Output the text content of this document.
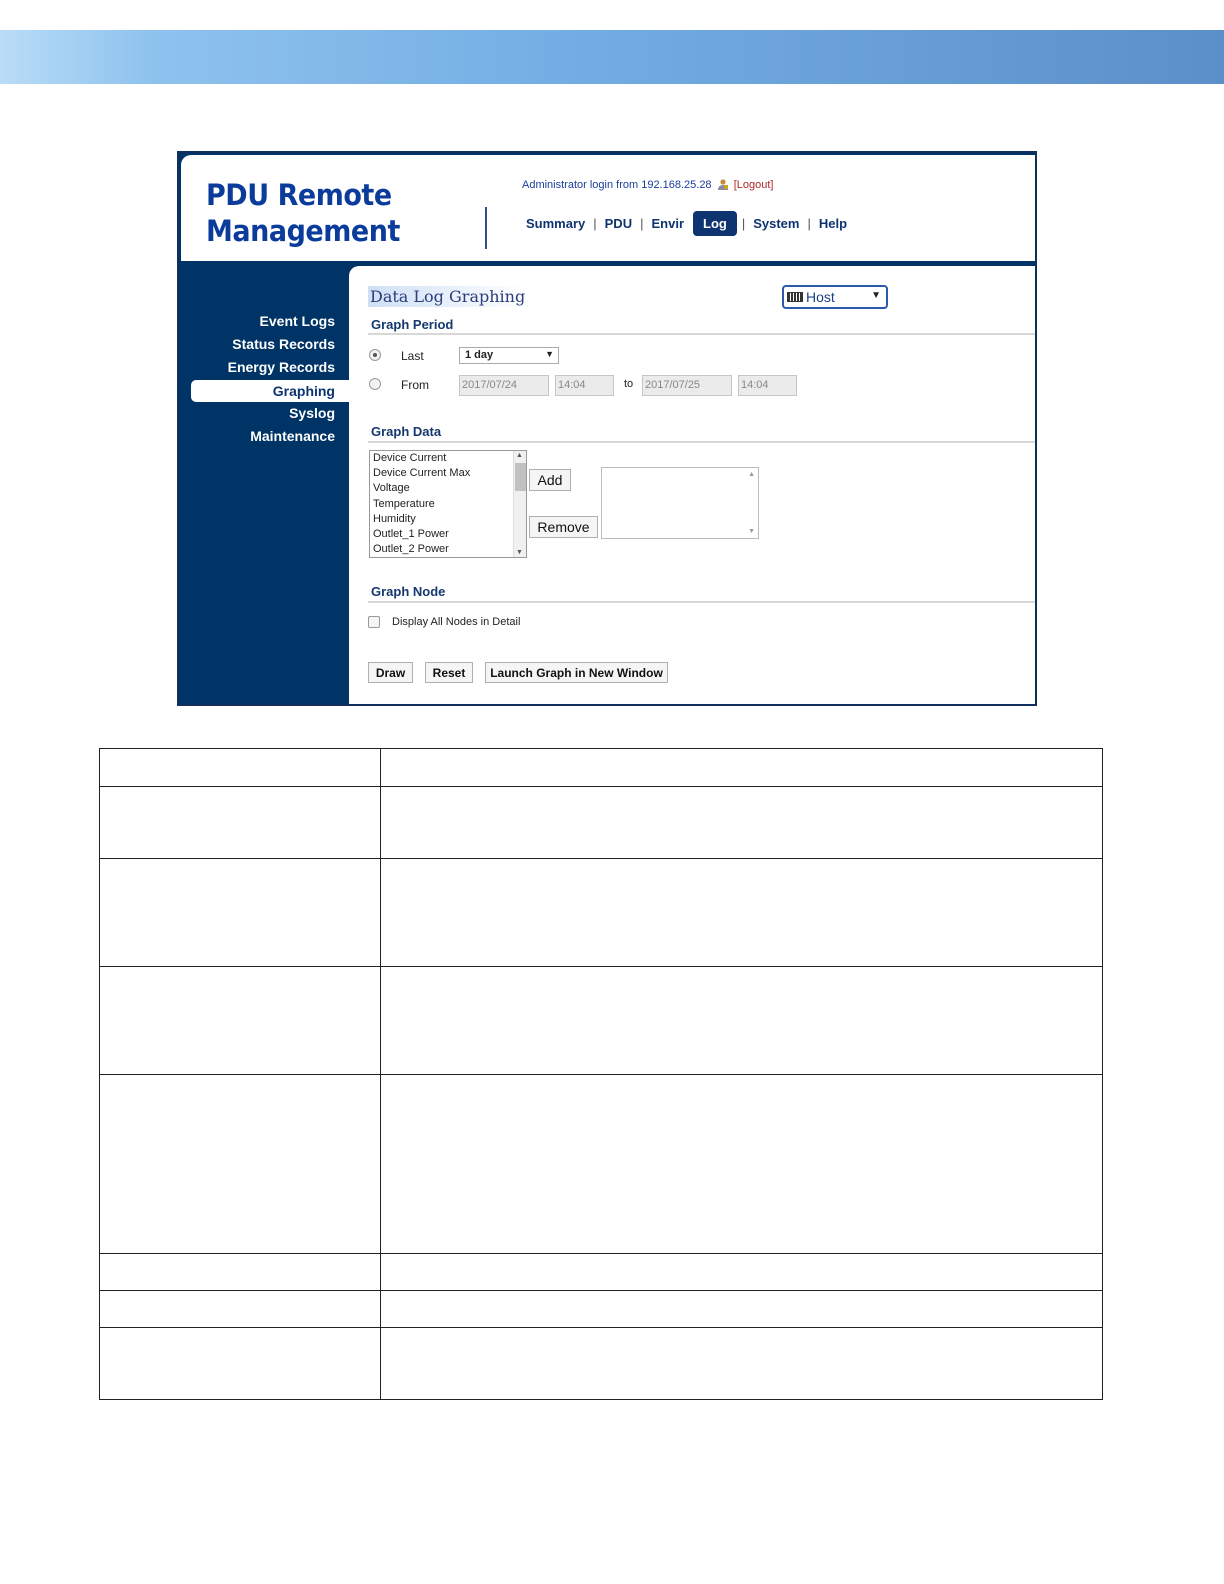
PDU Remote
Management
Administrator login from 192.168.25.28 [Logout]
Summary | PDU | Envir	Log	| System | Help
Event Logs
Status Records
Energy Records
Graphing
Syslog
Maintenance
Data Log Graphing	Host	▼
Graph Period
Last	1 day	▼
From	2017/07/24	14:04	to 2017/07/25	14:04
Graph Data
Device Current
Device Current Max
Voltage
Temperature
Humidity
Outlet_1 Power
Outlet_2 Power
▲
▼
Add
Remove
▲
▼
Graph Node
Display All Nodes in Detail
Draw	Reset	Launch Graph in New Window
